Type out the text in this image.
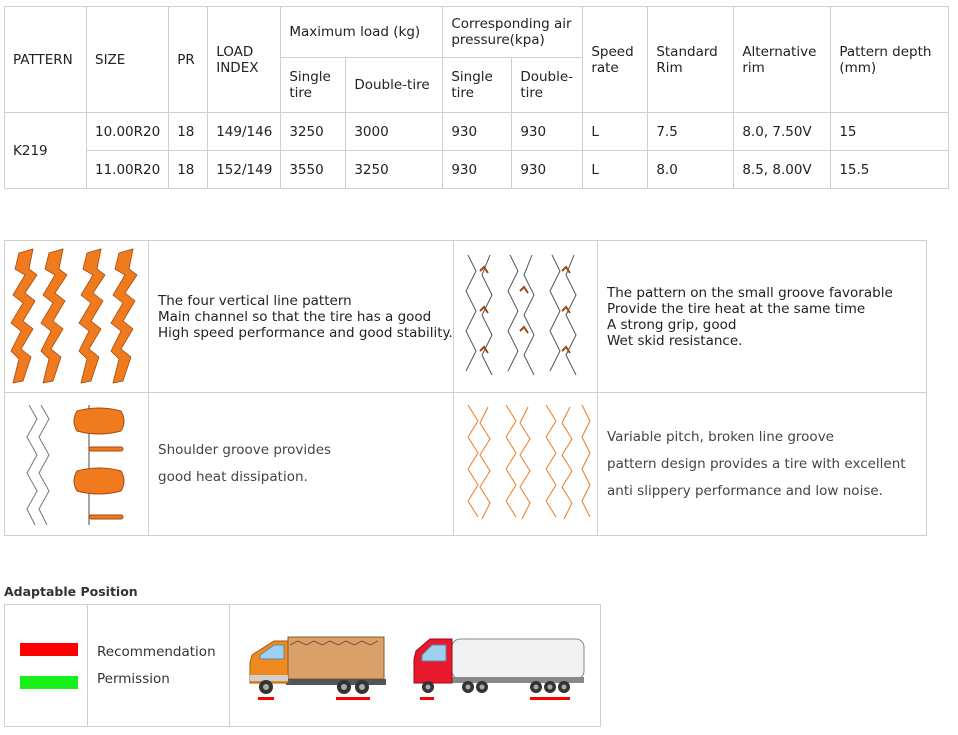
PATTERN	SIZE	PR	LOAD INDEX	Maximum load (kg)		Corresponding air pressure(kpa)		Speed rate	Standard Rim	Alternative rim	Pattern depth (mm)
				Single tire	Double-tire	Single tire	Double-tire				
K219	10.00R20	18	149/146	3250	3000	930	930	L	7.5	8.0, 7.50V	15
	11.00R20	18	152/149	3550	3250	930	930	L	8.0	8.5, 8.00V	15.5

The four vertical line pattern
Main channel so that the tire has a good
High speed performance and good stability.		The pattern on the small groove favorable
Provide the tire heat at the same time
A strong grip, good
Wet skid resistance.

Shoulder groove provides
good heat dissipation.		Variable pitch, broken line groove
pattern design provides a tire with excellent
anti slippery performance and low noise.
Adaptable Position

Recommendation
Permission
